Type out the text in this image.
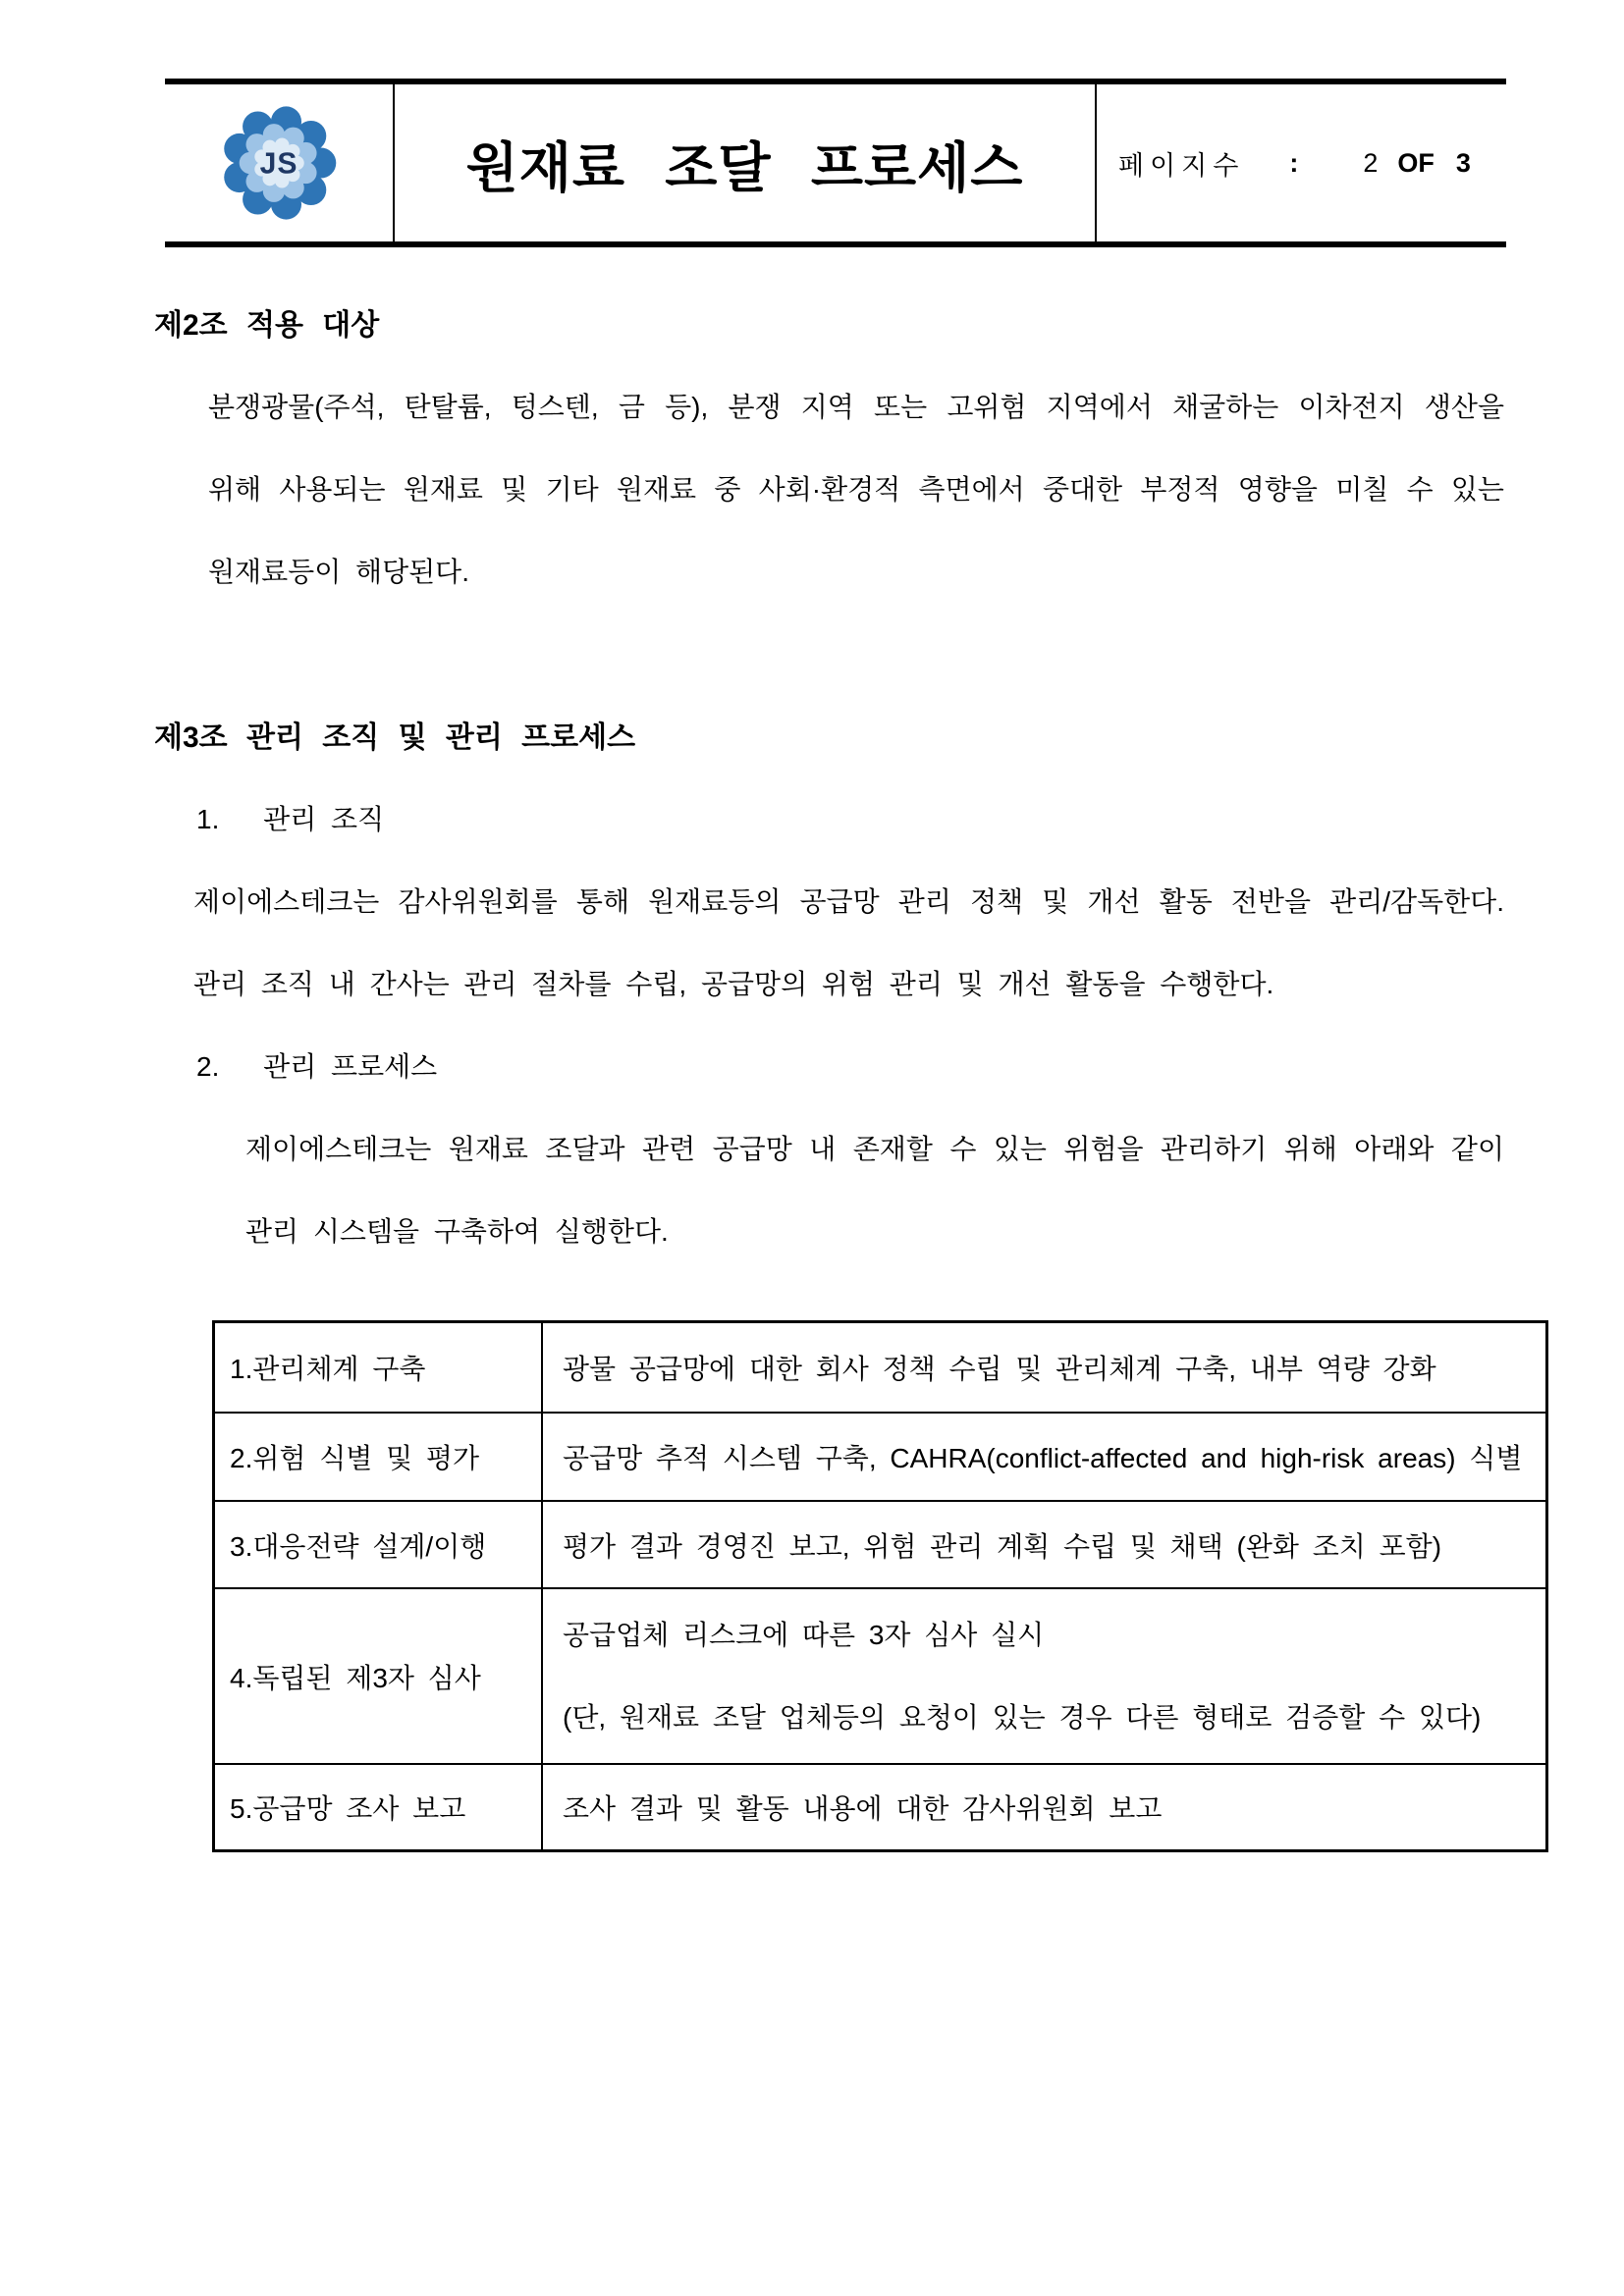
JS	원재료 조달 프로세스	페이지수 : 2 OF 3
제2조 적용 대상
분쟁광물(주석, 탄탈륨, 텅스텐, 금 등), 분쟁 지역 또는 고위험 지역에서 채굴하는 이차전지 생산을
위해 사용되는 원재료 및 기타 원재료 중 사회·환경적 측면에서 중대한 부정적 영향을 미칠 수 있는
원재료등이 해당된다.
제3조 관리 조직 및 관리 프로세스
1. 관리 조직
제이에스테크는 감사위원회를 통해 원재료등의 공급망 관리 정책 및 개선 활동 전반을 관리/감독한다.
관리 조직 내 간사는 관리 절차를 수립, 공급망의 위험 관리 및 개선 활동을 수행한다.
2. 관리 프로세스
제이에스테크는 원재료 조달과 관련 공급망 내 존재할 수 있는 위험을 관리하기 위해 아래와 같이
관리 시스템을 구축하여 실행한다.
1.관리체계 구축	광물 공급망에 대한 회사 정책 수립 및 관리체계 구축, 내부 역량 강화
2.위험 식별 및 평가	공급망 추적 시스템 구축, CAHRA(conflict-affected and high-risk areas) 식별
3.대응전략 설계/이행	평가 결과 경영진 보고, 위험 관리 계획 수립 및 채택 (완화 조치 포함)
4.독립된 제3자 심사	공급업체 리스크에 따른 3자 심사 실시
(단, 원재료 조달 업체등의 요청이 있는 경우 다른 형태로 검증할 수 있다)

5.공급망 조사 보고	조사 결과 및 활동 내용에 대한 감사위원회 보고
